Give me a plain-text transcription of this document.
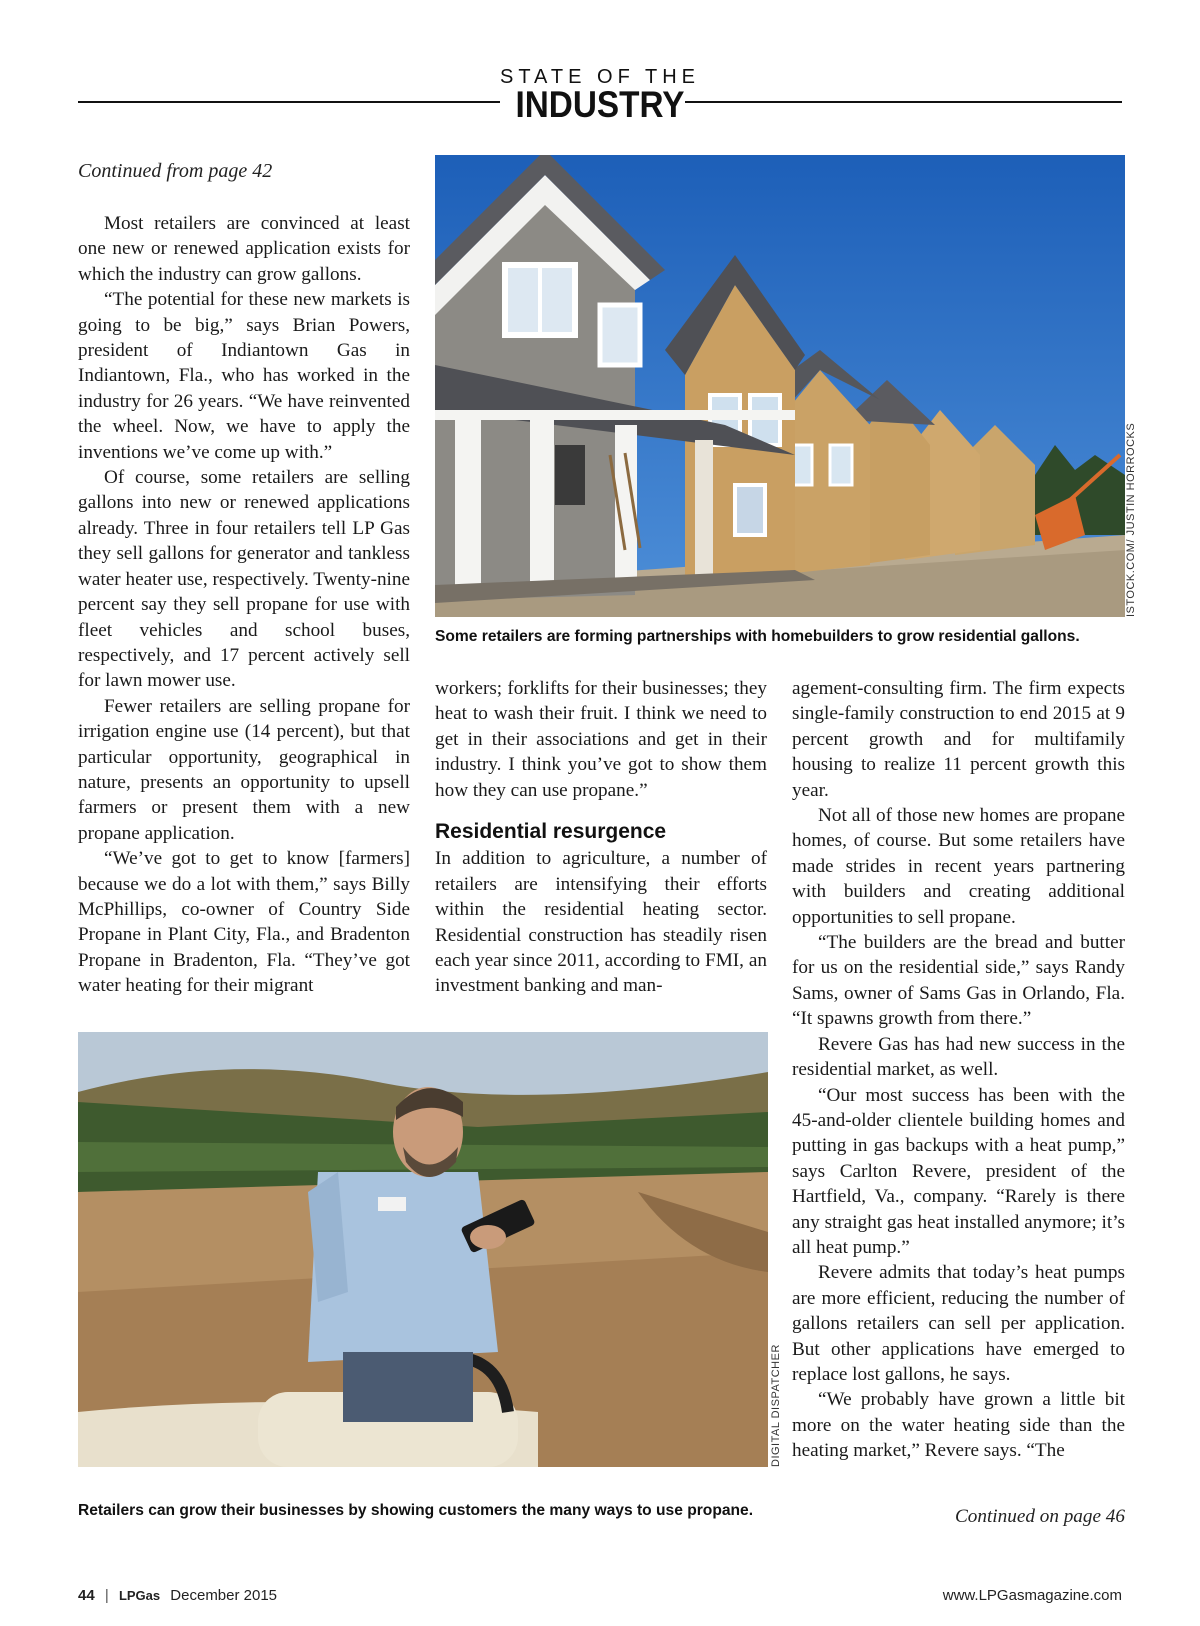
STATE OF THE
INDUSTRY
Continued from page 42

Most retailers are convinced at least one new or renewed application exists for which the industry can grow gallons.

“The potential for these new markets is going to be big,” says Brian Powers, president of Indiantown Gas in Indiantown, Fla., who has worked in the industry for 26 years. “We have reinvented the wheel. Now, we have to apply the inventions we’ve come up with.”

Of course, some retailers are selling gallons into new or renewed applications already. Three in four retailers tell LP Gas they sell gallons for generator and tankless water heater use, respectively. Twenty-nine percent say they sell propane for use with fleet vehicles and school buses, respectively, and 17 percent actively sell for lawn mower use.

Fewer retailers are selling propane for irrigation engine use (14 percent), but that particular opportunity, geographical in nature, presents an opportunity to upsell farmers or present them with a new propane application.

“We’ve got to get to know [farmers] because we do a lot with them,” says Billy McPhillips, co-owner of Country Side Propane in Plant City, Fla., and Bradenton Propane in Bradenton, Fla. “They’ve got water heating for their migrant

ISTOCK.COM/ JUSTIN HORROCKS
Some retailers are forming partnerships with homebuilders to grow residential gallons.

workers; forklifts for their businesses; they heat to wash their fruit. I think we need to get in their associations and get in their industry. I think you’ve got to show them how they can use propane.”

Residential resurgence

In addition to agriculture, a number of retailers are intensifying their efforts within the residential heating sector. Residential construction has steadily risen each year since 2011, according to FMI, an investment banking and man-

agement-consulting firm. The firm expects single-family construction to end 2015 at 9 percent growth and for multifamily housing to realize 11 percent growth this year.

Not all of those new homes are propane homes, of course. But some retailers have made strides in recent years partnering with builders and creating additional opportunities to sell propane.

“The builders are the bread and butter for us on the residential side,” says Randy Sams, owner of Sams Gas in Orlando, Fla. “It spawns growth from there.”

Revere Gas has had new success in the residential market, as well.

“Our most success has been with the 45-and-older clientele building homes and putting in gas backups with a heat pump,” says Carlton Revere, president of the Hartfield, Va., company. “Rarely is there any straight gas heat installed anymore; it’s all heat pump.”

Revere admits that today’s heat pumps are more efficient, reducing the number of gallons retailers can sell per application. But other applications have emerged to replace lost gallons, he says.

“We probably have grown a little bit more on the water heating side than the heating market,” Revere says. “The

Continued on page 46
DIGITAL DISPATCHER
Retailers can grow their businesses by showing customers the many ways to use propane.
44 | LPGas December 2015	www.LPGasmagazine.com
